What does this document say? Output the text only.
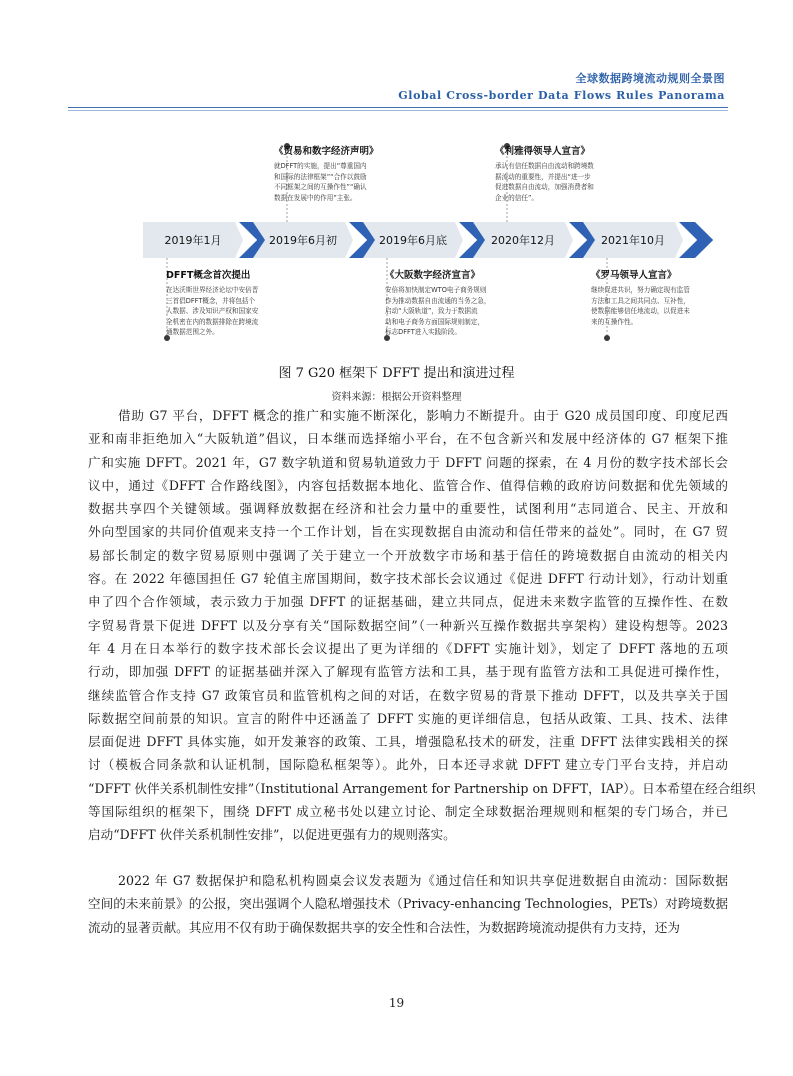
全球数据跨境流动规则全景图
Global Cross-border Data Flows Rules Panorama
2019年1月	2019年6月初	2019年6月底	2020年12月	2021年10月
DFFT概念首次提出
在达沃斯世界经济论坛中安倍晋
三首倡DFFT概念，并将包括个
人数据、涉及知识产权和国家安
全机密在内的数据排除在跨境流
通数据范围之外。
《贸易和数字经济声明》
就DFFT的实施，提出“尊重国内
和国际的法律框架”“合作以鼓励
不同框架之间的互操作性”“确认
数据在发展中的作用”主张。
《大阪数字经济宣言》
安倍将加快制定WTO电子商务规则
作为推动数据自由流通的当务之急，
启动“大阪轨道”，致力于数据流
动和电子商务方面国际规则制定，
标志DFFT进入实践阶段。
《利雅得领导人宣言》
承认有信任数据自由流动和跨境数
据流动的重要性，并提出“进一步
促进数据自由流动，加强消费者和
企业的信任”。
《罗马领导人宣言》
继续促进共识，努力确定现有监管
方法和工具之间共同点、互补性，
使数据能够信任地流动，以促进未
来的互操作性。
图 7 G20 框架下 DFFT 提出和演进过程
资料来源：根据公开资料整理
借助 G7 平台，DFFT 概念的推广和实施不断深化，影响力不断提升。由于 G20 成员国印度、印度尼西
亚和南非拒绝加入“大阪轨道”倡议，日本继而选择缩小平台，在不包含新兴和发展中经济体的 G7 框架下推
广和实施 DFFT。2021 年，G7 数字轨道和贸易轨道致力于 DFFT 问题的探索，在 4 月份的数字技术部长会
议中，通过《DFFT 合作路线图》，内容包括数据本地化、监管合作、值得信赖的政府访问数据和优先领域的
数据共享四个关键领域。强调释放数据在经济和社会力量中的重要性，试图利用“志同道合、民主、开放和
外向型国家的共同价值观来支持一个工作计划，旨在实现数据自由流动和信任带来的益处”。同时，在 G7 贸
易部长制定的数字贸易原则中强调了关于建立一个开放数字市场和基于信任的跨境数据自由流动的相关内
容。在 2022 年德国担任 G7 轮值主席国期间，数字技术部长会议通过《促进 DFFT 行动计划》，行动计划重
申了四个合作领域，表示致力于加强 DFFT 的证据基础，建立共同点，促进未来数字监管的互操作性、在数
字贸易背景下促进 DFFT 以及分享有关“国际数据空间”（一种新兴互操作数据共享架构）建设构想等。2023
年 4 月在日本举行的数字技术部长会议提出了更为详细的《DFFT 实施计划》，划定了 DFFT 落地的五项
行动，即加强 DFFT 的证据基础并深入了解现有监管方法和工具，基于现有监管方法和工具促进可操作性，
继续监管合作支持 G7 政策官员和监管机构之间的对话，在数字贸易的背景下推动 DFFT，以及共享关于国
际数据空间前景的知识。宣言的附件中还涵盖了 DFFT 实施的更详细信息，包括从政策、工具、技术、法律
层面促进 DFFT 具体实施，如开发兼容的政策、工具，增强隐私技术的研发，注重 DFFT 法律实践相关的探
讨（模板合同条款和认证机制，国际隐私框架等）。此外，日本还寻求就 DFFT 建立专门平台支持，并启动
“DFFT 伙伴关系机制性安排”（Institutional Arrangement for Partnership on DFFT，IAP）。日本希望在经合组织
等国际组织的框架下，围绕 DFFT 成立秘书处以建立讨论、制定全球数据治理规则和框架的专门场合，并已
启动“DFFT 伙伴关系机制性安排”，以促进更强有力的规则落实。
2022 年 G7 数据保护和隐私机构圆桌会议发表题为《通过信任和知识共享促进数据自由流动：国际数据
空间的未来前景》的公报，突出强调个人隐私增强技术（Privacy-enhancing Technologies，PETs）对跨境数据
流动的显著贡献。其应用不仅有助于确保数据共享的安全性和合法性，为数据跨境流动提供有力支持，还为
19
